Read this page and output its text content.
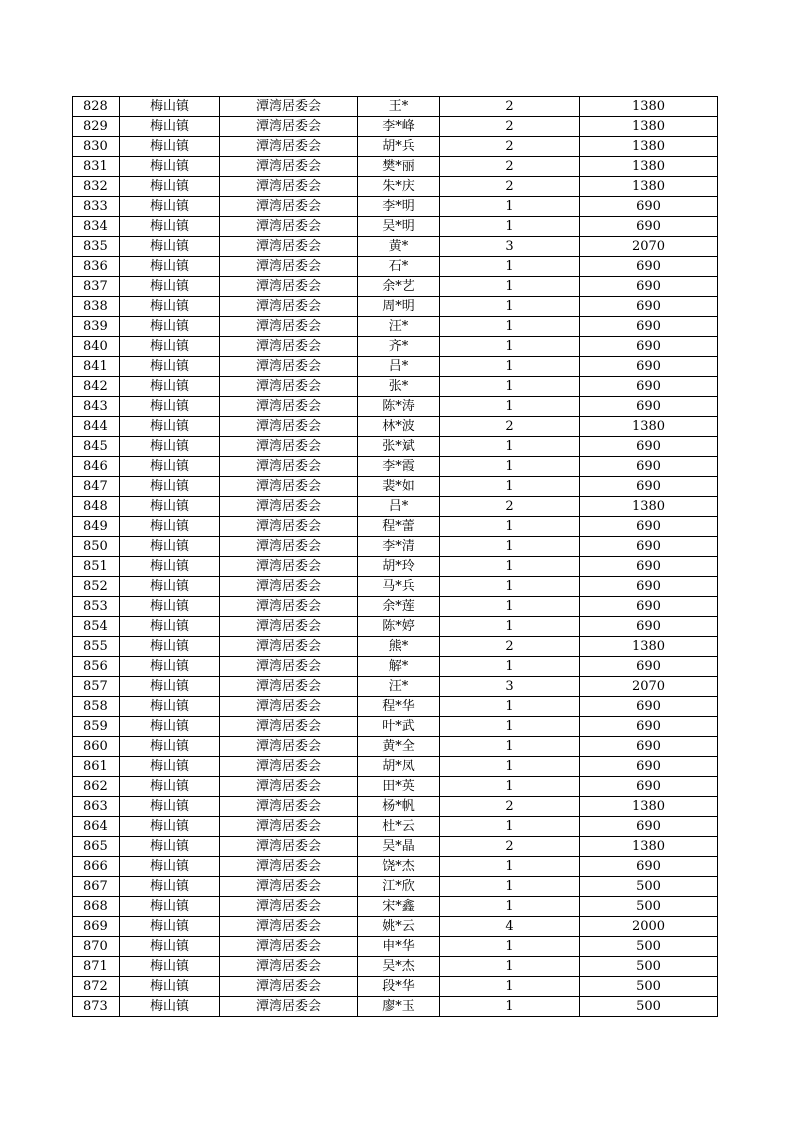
828	梅山镇	潭湾居委会	王*	2	1380
829	梅山镇	潭湾居委会	李*峰	2	1380
830	梅山镇	潭湾居委会	胡*兵	2	1380
831	梅山镇	潭湾居委会	樊*丽	2	1380
832	梅山镇	潭湾居委会	朱*庆	2	1380
833	梅山镇	潭湾居委会	李*明	1	690
834	梅山镇	潭湾居委会	吴*明	1	690
835	梅山镇	潭湾居委会	黄*	3	2070
836	梅山镇	潭湾居委会	石*	1	690
837	梅山镇	潭湾居委会	余*艺	1	690
838	梅山镇	潭湾居委会	周*明	1	690
839	梅山镇	潭湾居委会	汪*	1	690
840	梅山镇	潭湾居委会	齐*	1	690
841	梅山镇	潭湾居委会	吕*	1	690
842	梅山镇	潭湾居委会	张*	1	690
843	梅山镇	潭湾居委会	陈*涛	1	690
844	梅山镇	潭湾居委会	林*波	2	1380
845	梅山镇	潭湾居委会	张*斌	1	690
846	梅山镇	潭湾居委会	李*霞	1	690
847	梅山镇	潭湾居委会	裴*如	1	690
848	梅山镇	潭湾居委会	吕*	2	1380
849	梅山镇	潭湾居委会	程*蕾	1	690
850	梅山镇	潭湾居委会	李*清	1	690
851	梅山镇	潭湾居委会	胡*玲	1	690
852	梅山镇	潭湾居委会	马*兵	1	690
853	梅山镇	潭湾居委会	余*莲	1	690
854	梅山镇	潭湾居委会	陈*婷	1	690
855	梅山镇	潭湾居委会	熊*	2	1380
856	梅山镇	潭湾居委会	解*	1	690
857	梅山镇	潭湾居委会	汪*	3	2070
858	梅山镇	潭湾居委会	程*华	1	690
859	梅山镇	潭湾居委会	叶*武	1	690
860	梅山镇	潭湾居委会	黄*全	1	690
861	梅山镇	潭湾居委会	胡*凤	1	690
862	梅山镇	潭湾居委会	田*英	1	690
863	梅山镇	潭湾居委会	杨*帆	2	1380
864	梅山镇	潭湾居委会	杜*云	1	690
865	梅山镇	潭湾居委会	吴*晶	2	1380
866	梅山镇	潭湾居委会	饶*杰	1	690
867	梅山镇	潭湾居委会	江*欣	1	500
868	梅山镇	潭湾居委会	宋*鑫	1	500
869	梅山镇	潭湾居委会	姚*云	4	2000
870	梅山镇	潭湾居委会	申*华	1	500
871	梅山镇	潭湾居委会	吴*杰	1	500
872	梅山镇	潭湾居委会	段*华	1	500
873	梅山镇	潭湾居委会	廖*玉	1	500
